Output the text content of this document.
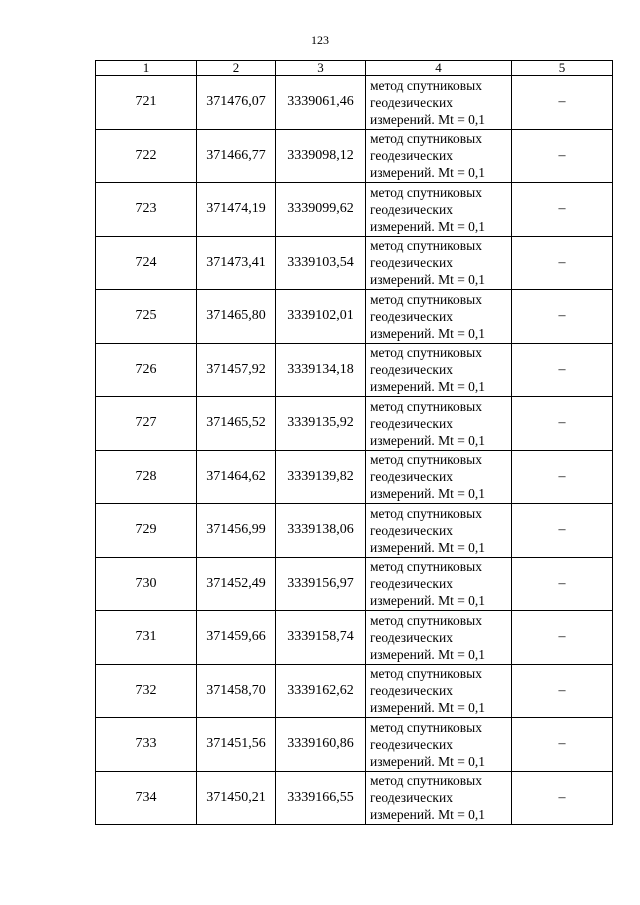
123
1	2	3	4	5
721	371476,07	3339061,46	метод спутниковых
геодезических
измерений. Mt = 0,1	–
722	371466,77	3339098,12	метод спутниковых
геодезических
измерений. Mt = 0,1	–
723	371474,19	3339099,62	метод спутниковых
геодезических
измерений. Mt = 0,1	–
724	371473,41	3339103,54	метод спутниковых
геодезических
измерений. Mt = 0,1	–
725	371465,80	3339102,01	метод спутниковых
геодезических
измерений. Mt = 0,1	–
726	371457,92	3339134,18	метод спутниковых
геодезических
измерений. Mt = 0,1	–
727	371465,52	3339135,92	метод спутниковых
геодезических
измерений. Mt = 0,1	–
728	371464,62	3339139,82	метод спутниковых
геодезических
измерений. Mt = 0,1	–
729	371456,99	3339138,06	метод спутниковых
геодезических
измерений. Mt = 0,1	–
730	371452,49	3339156,97	метод спутниковых
геодезических
измерений. Mt = 0,1	–
731	371459,66	3339158,74	метод спутниковых
геодезических
измерений. Mt = 0,1	–
732	371458,70	3339162,62	метод спутниковых
геодезических
измерений. Mt = 0,1	–
733	371451,56	3339160,86	метод спутниковых
геодезических
измерений. Mt = 0,1	–
734	371450,21	3339166,55	метод спутниковых
геодезических
измерений. Mt = 0,1	–
